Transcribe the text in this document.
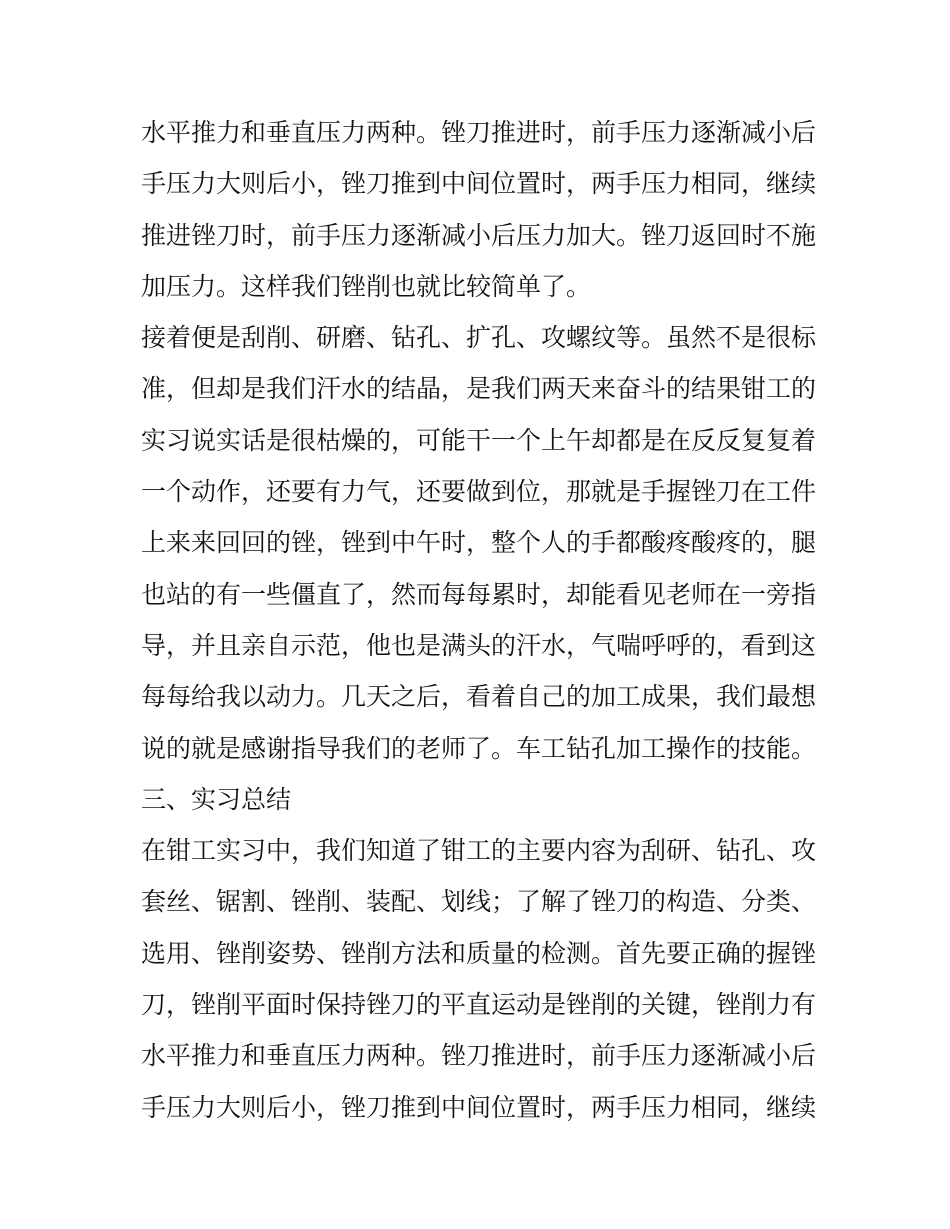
水平推力和垂直压力两种。锉刀推进时，前手压力逐渐减小后
手压力大则后小，锉刀推到中间位置时，两手压力相同，继续
推进锉刀时，前手压力逐渐减小后压力加大。锉刀返回时不施
加压力。这样我们锉削也就比较简单了。
接着便是刮削、研磨、钻孔、扩孔、攻螺纹等。虽然不是很标
准，但却是我们汗水的结晶，是我们两天来奋斗的结果钳工的
实习说实话是很枯燥的，可能干一个上午却都是在反反复复着
一个动作，还要有力气，还要做到位，那就是手握锉刀在工件
上来来回回的锉，锉到中午时，整个人的手都酸疼酸疼的，腿
也站的有一些僵直了，然而每每累时，却能看见老师在一旁指
导，并且亲自示范，他也是满头的汗水，气喘呼呼的，看到这
每每给我以动力。几天之后，看着自己的加工成果，我们最想
说的就是感谢指导我们的老师了。车工钻孔加工操作的技能。
三、实习总结
在钳工实习中，我们知道了钳工的主要内容为刮研、钻孔、攻
套丝、锯割、锉削、装配、划线；了解了锉刀的构造、分类、
选用、锉削姿势、锉削方法和质量的检测。首先要正确的握锉
刀，锉削平面时保持锉刀的平直运动是锉削的关键，锉削力有
水平推力和垂直压力两种。锉刀推进时，前手压力逐渐减小后
手压力大则后小，锉刀推到中间位置时，两手压力相同，继续
